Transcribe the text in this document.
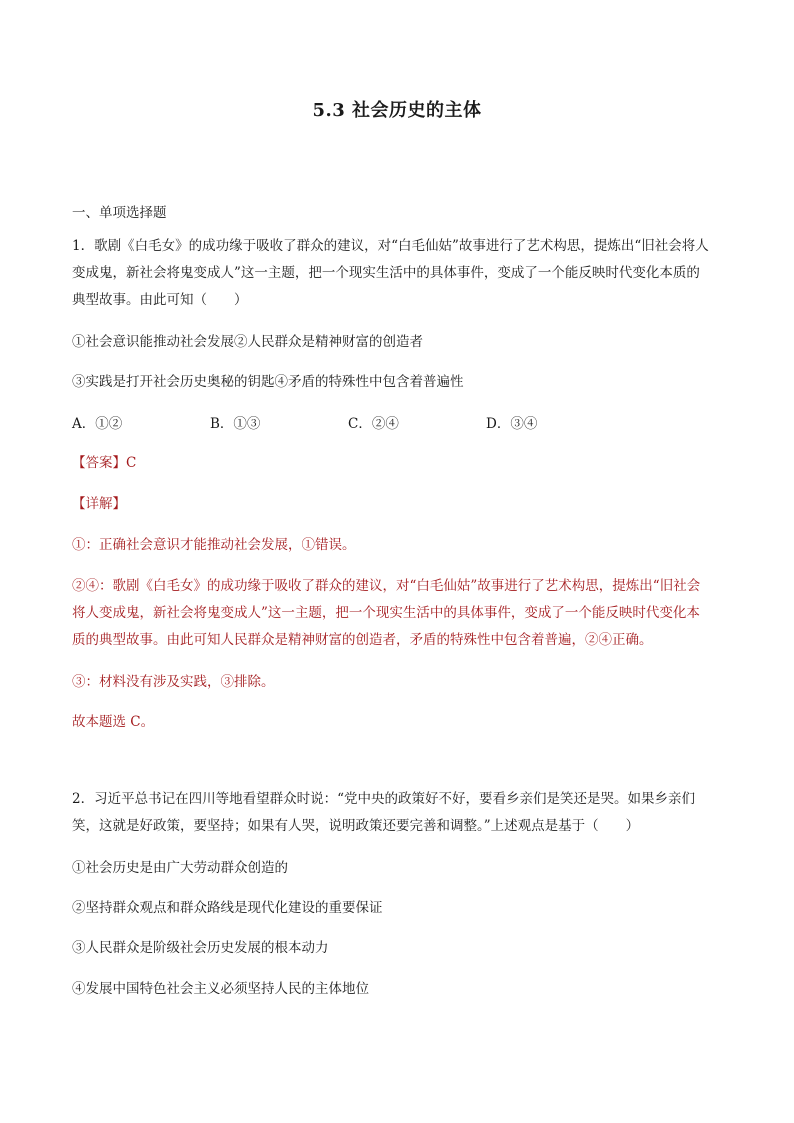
5.3 社会历史的主体
一、单项选择题
1．歌剧《白毛女》的成功缘于吸收了群众的建议，对“白毛仙姑”故事进行了艺术构思，提炼出“旧社会将人
变成鬼，新社会将鬼变成人”这一主题，把一个现实生活中的具体事件，变成了一个能反映时代变化本质的
典型故事。由此可知（　　）
①社会意识能推动社会发展②人民群众是精神财富的创造者
③实践是打开社会历史奥秘的钥匙④矛盾的特殊性中包含着普遍性
A．①②	B．①③	C．②④	D．③④
【答案】C
【详解】
①：正确社会意识才能推动社会发展，①错误。
②④：歌剧《白毛女》的成功缘于吸收了群众的建议，对“白毛仙姑”故事进行了艺术构思，提炼出“旧社会
将人变成鬼，新社会将鬼变成人”这一主题，把一个现实生活中的具体事件，变成了一个能反映时代变化本
质的典型故事。由此可知人民群众是精神财富的创造者，矛盾的特殊性中包含着普遍，②④正确。
③：材料没有涉及实践，③排除。
故本题选 C。
2．习近平总书记在四川等地看望群众时说：“党中央的政策好不好，要看乡亲们是笑还是哭。如果乡亲们
笑，这就是好政策，要坚持；如果有人哭，说明政策还要完善和调整。”上述观点是基于（　　）
①社会历史是由广大劳动群众创造的
②坚持群众观点和群众路线是现代化建设的重要保证
③人民群众是阶级社会历史发展的根本动力
④发展中国特色社会主义必须坚持人民的主体地位
